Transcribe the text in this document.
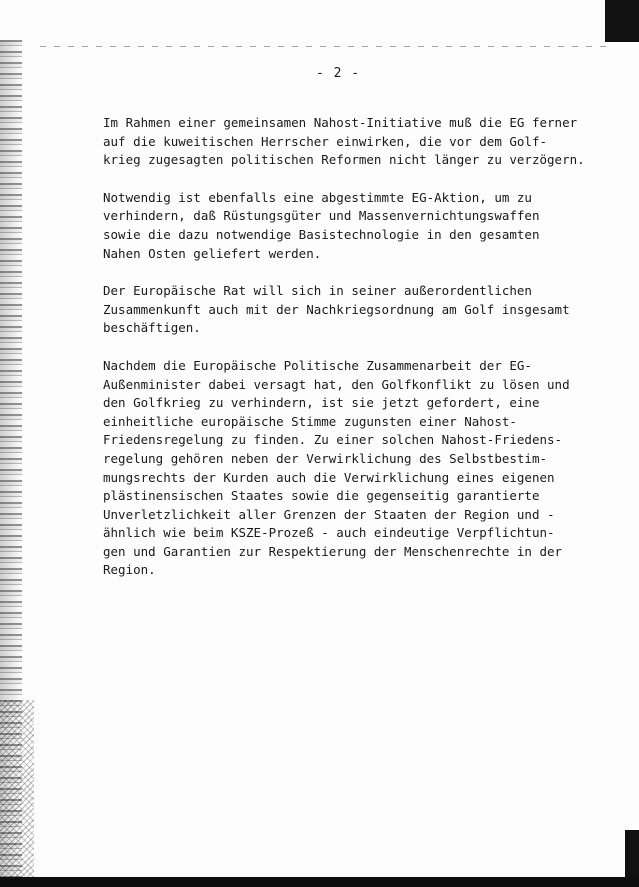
- 2 -

Im Rahmen einer gemeinsamen Nahost-Initiative muß die EG ferner
auf die kuweitischen Herrscher einwirken, die vor dem Golf-
krieg zugesagten politischen Reformen nicht länger zu verzögern.

Notwendig ist ebenfalls eine abgestimmte EG-Aktion, um zu
verhindern, daß Rüstungsgüter und Massenvernichtungswaffen
sowie die dazu notwendige Basistechnologie in den gesamten
Nahen Osten geliefert werden.

Der Europäische Rat will sich in seiner außerordentlichen
Zusammenkunft auch mit der Nachkriegsordnung am Golf insgesamt
beschäftigen.

Nachdem die Europäische Politische Zusammenarbeit der EG-
Außenminister dabei versagt hat, den Golfkonflikt zu lösen und
den Golfkrieg zu verhindern, ist sie jetzt gefordert, eine
einheitliche europäische Stimme zugunsten einer Nahost-
Friedensregelung zu finden. Zu einer solchen Nahost-Friedens-
regelung gehören neben der Verwirklichung des Selbstbestim-
mungsrechts der Kurden auch die Verwirklichung eines eigenen
plästinensischen Staates sowie die gegenseitig garantierte
Unverletzlichkeit aller Grenzen der Staaten der Region und -
ähnlich wie beim KSZE-Prozeß - auch eindeutige Verpflichtun-
gen und Garantien zur Respektierung der Menschenrechte in der
Region.
